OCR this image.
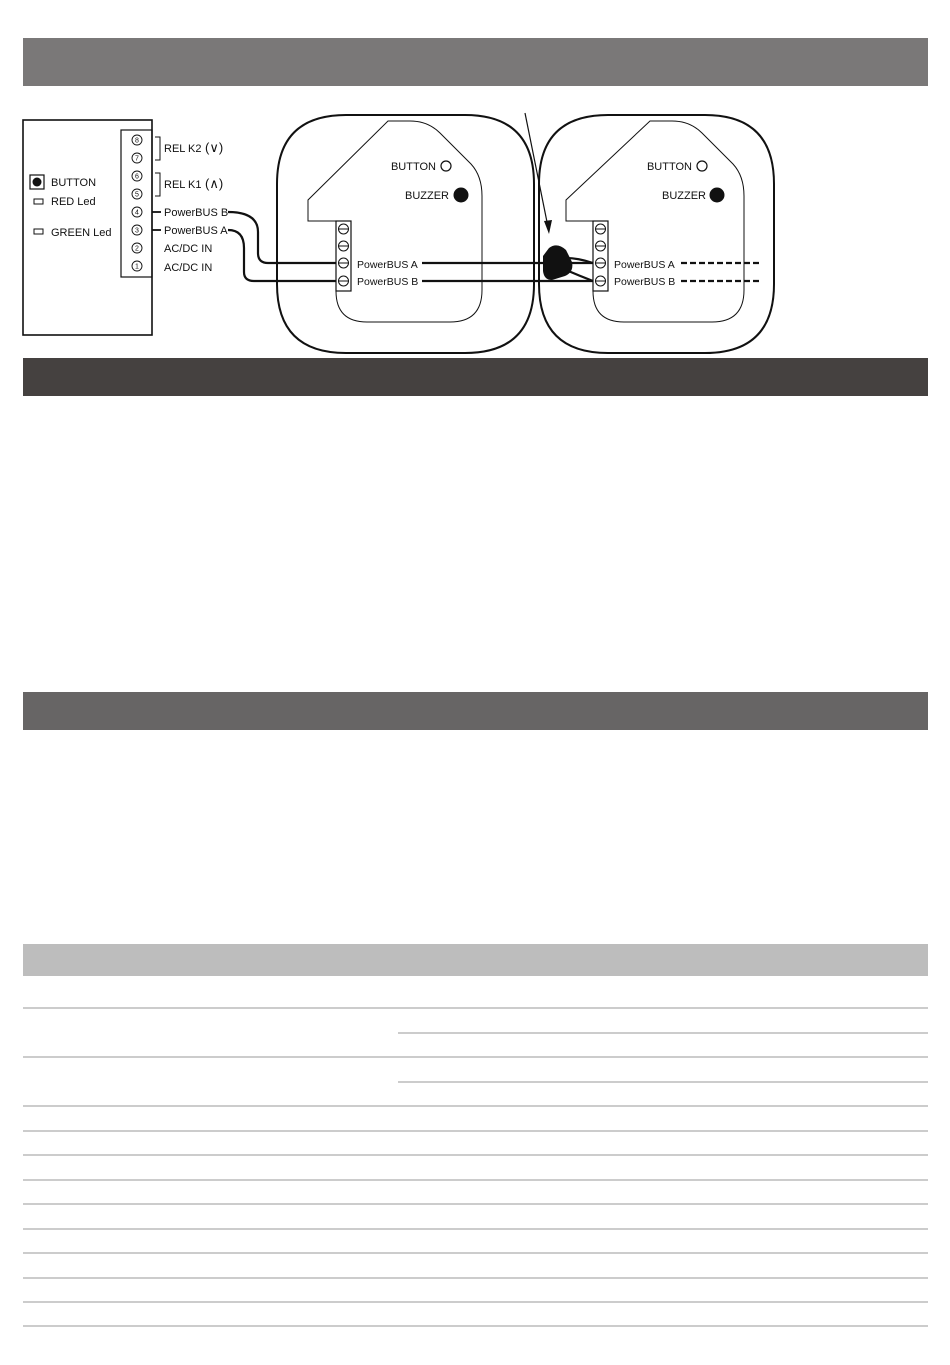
BUTTON
RED Led
GREEN Led
8
7
6
5
4
3
2
1
REL K2 (∨)
REL K1 (∧)
PowerBUS B
PowerBUS A
AC/DC IN
AC/DC IN
BUTTON
BUZZER
PowerBUS A
PowerBUS B
BUTTON
BUZZER
PowerBUS A
PowerBUS B
